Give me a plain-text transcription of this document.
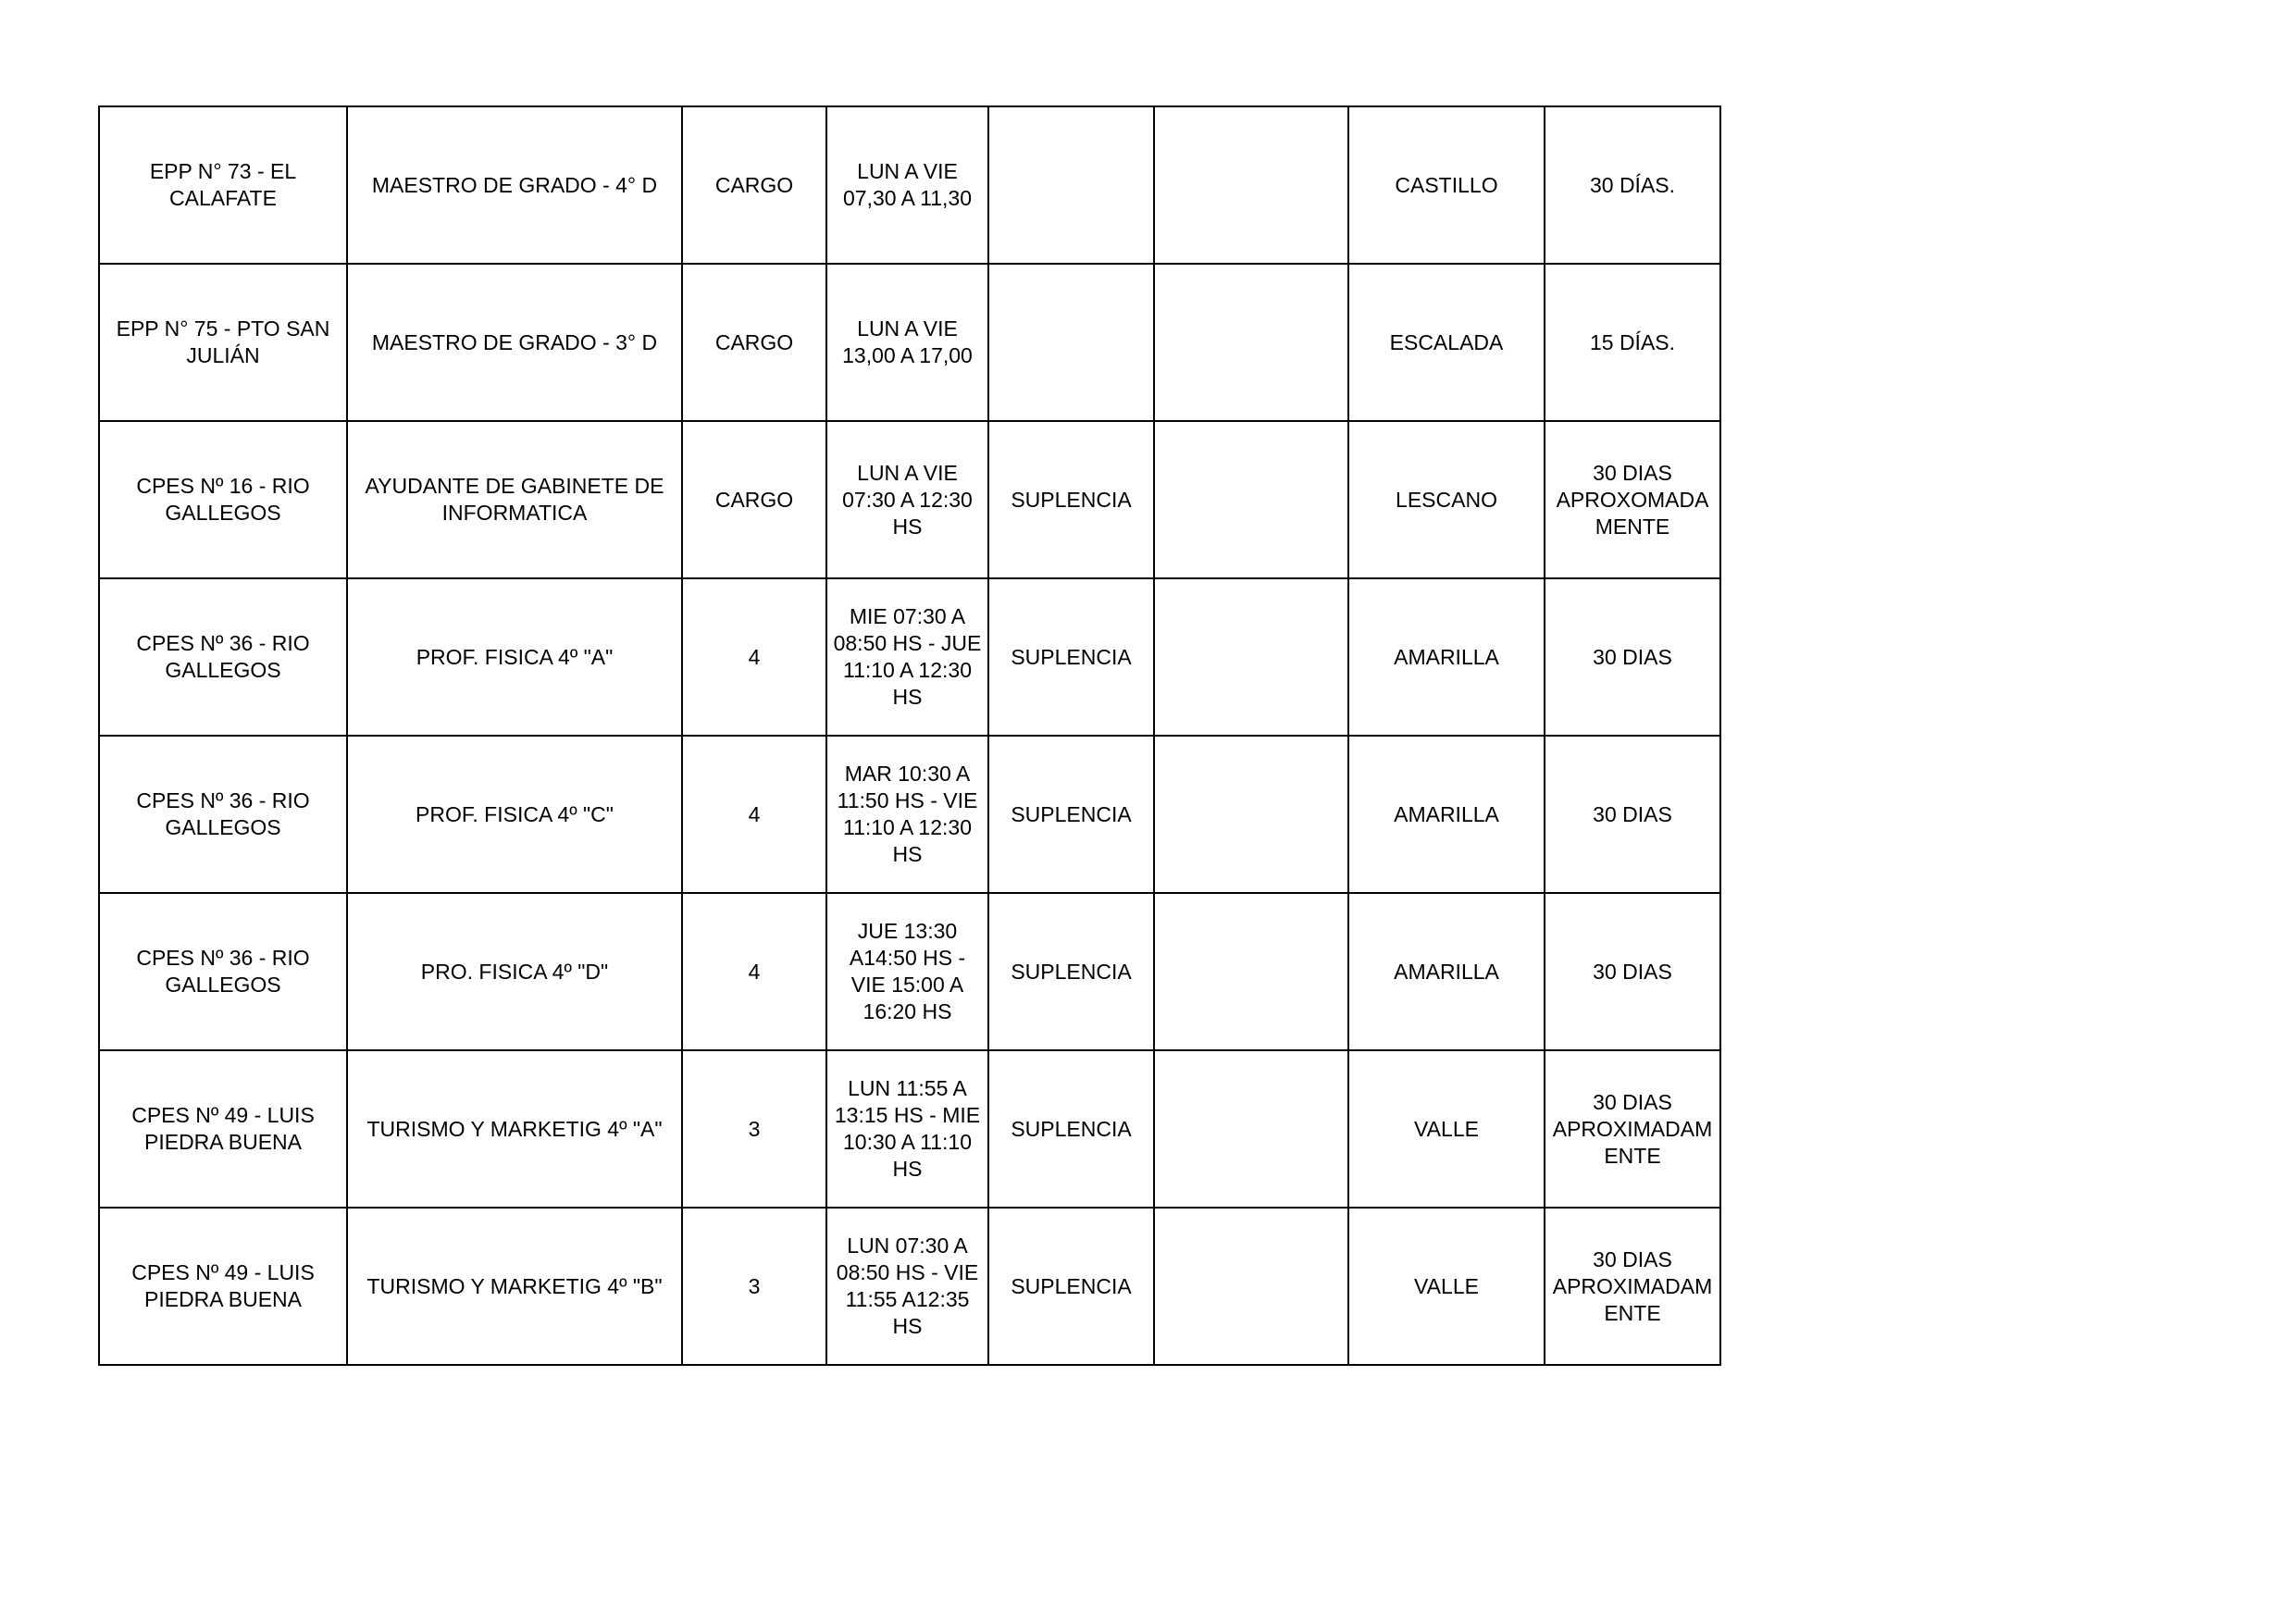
EPP N° 73 - EL
CALAFATE	MAESTRO DE GRADO - 4° D	CARGO	LUN A VIE
07,30 A 11,30			CASTILLO	30 DÍAS.
EPP N° 75 - PTO SAN
JULIÁN	MAESTRO DE GRADO - 3° D	CARGO	LUN A VIE
13,00 A 17,00			ESCALADA	15 DÍAS.
CPES Nº 16 - RIO
GALLEGOS	AYUDANTE DE GABINETE DE
INFORMATICA	CARGO	LUN A VIE
07:30 A 12:30
HS	SUPLENCIA		LESCANO	30 DIAS
APROXOMADA
MENTE
CPES Nº 36 - RIO
GALLEGOS	PROF. FISICA 4º "A"	4	MIE 07:30 A
08:50 HS - JUE
11:10 A 12:30
HS	SUPLENCIA		AMARILLA	30 DIAS
CPES Nº 36 - RIO
GALLEGOS	PROF. FISICA 4º "C"	4	MAR 10:30 A
11:50 HS - VIE
11:10 A 12:30
HS	SUPLENCIA		AMARILLA	30 DIAS
CPES Nº 36 - RIO
GALLEGOS	PRO. FISICA 4º "D"	4	JUE 13:30
A14:50 HS -
VIE 15:00 A
16:20 HS	SUPLENCIA		AMARILLA	30 DIAS
CPES Nº 49 - LUIS
PIEDRA BUENA	TURISMO Y MARKETIG 4º "A"	3	LUN 11:55 A
13:15 HS - MIE
10:30 A 11:10
HS	SUPLENCIA		VALLE	30 DIAS
APROXIMADAM
ENTE
CPES Nº 49 - LUIS
PIEDRA BUENA	TURISMO Y MARKETIG 4º "B"	3	LUN 07:30 A
08:50 HS - VIE
11:55 A12:35
HS	SUPLENCIA		VALLE	30 DIAS
APROXIMADAM
ENTE
